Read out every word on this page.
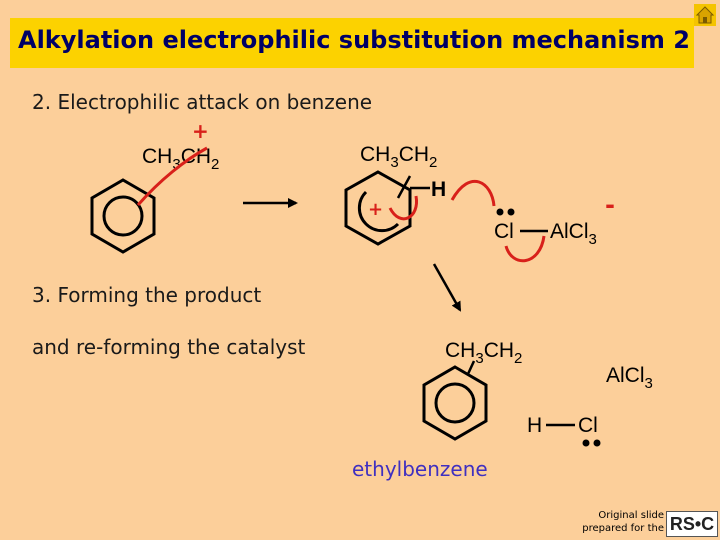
Alkylation electrophilic substitution mechanism 2
2. Electrophilic attack on benzene
3. Forming the product
and re-forming the catalyst
$CH_3CH_2$
+
+
$CH_3CH_2$
H
Cl AlCl$_3$
-
$CH_3CH_2$
ethylbenzene
AlCl$_3$
H Cl
Original slide
prepared for the RS•C
